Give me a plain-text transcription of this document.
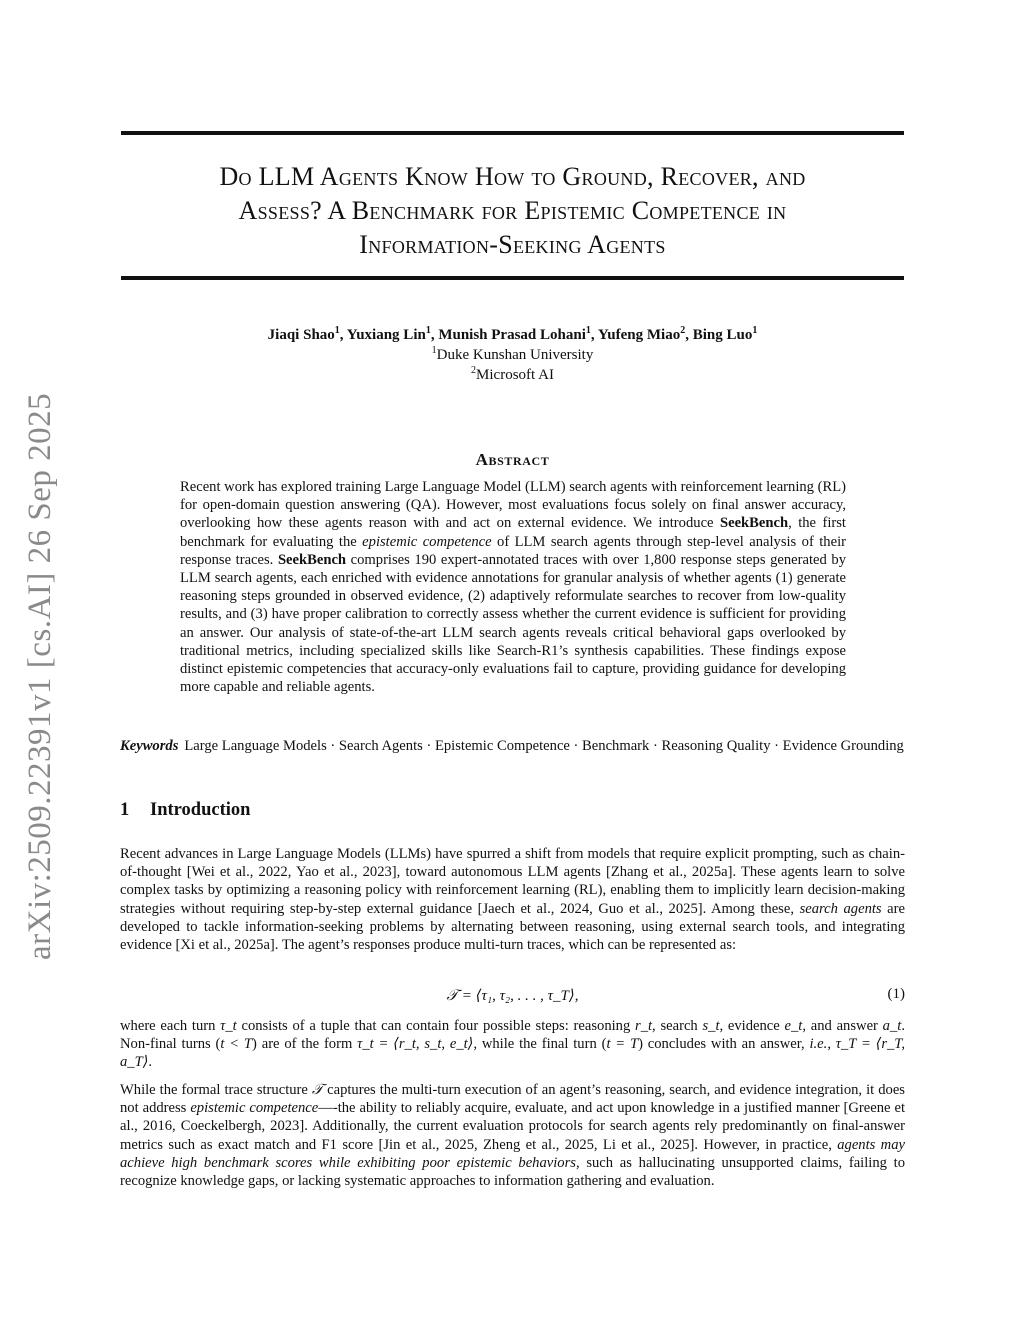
arXiv:2509.22391v1 [cs.AI] 26 Sep 2025
Do LLM Agents Know How to Ground, Recover, and
Assess? A Benchmark for Epistemic Competence in
Information-Seeking Agents
Jiaqi Shao$^1$, Yuxiang Lin$^1$, Munish Prasad Lohani$^1$, Yufeng Miao$^2$, Bing Luo$^1$
$^1$Duke Kunshan University
$^2$Microsoft AI
Abstract
Recent work has explored training Large Language Model (LLM) search agents with reinforcement learning (RL) for open-domain question answering (QA). However, most evaluations focus solely on final answer accuracy, overlooking how these agents reason with and act on external evidence. We introduce SeekBench, the first benchmark for evaluating the epistemic competence of LLM search agents through step-level analysis of their response traces. SeekBench comprises 190 expert-annotated traces with over 1,800 response steps generated by LLM search agents, each enriched with evidence annotations for granular analysis of whether agents (1) generate reasoning steps grounded in observed evidence, (2) adaptively reformulate searches to recover from low-quality results, and (3) have proper calibration to correctly assess whether the current evidence is sufficient for providing an answer. Our analysis of state-of-the-art LLM search agents reveals critical behavioral gaps overlooked by traditional metrics, including specialized skills like Search-R1’s synthesis capabilities. These findings expose distinct epistemic competencies that accuracy-only evaluations fail to capture, providing guidance for developing more capable and reliable agents.
Keywords Large Language Models · Search Agents · Epistemic Competence · Benchmark · Reasoning Quality · Evidence Grounding
1 Introduction
Recent advances in Large Language Models (LLMs) have spurred a shift from models that require explicit prompting, such as chain-of-thought [Wei et al., 2022, Yao et al., 2023], toward autonomous LLM agents [Zhang et al., 2025a]. These agents learn to solve complex tasks by optimizing a reasoning policy with reinforcement learning (RL), enabling them to implicitly learn decision-making strategies without requiring step-by-step external guidance [Jaech et al., 2024, Guo et al., 2025]. Among these, search agents are developed to tackle information-seeking problems by alternating between reasoning, using external search tools, and integrating evidence [Xi et al., 2025a]. The agent’s responses produce multi-turn traces, which can be represented as:
𝒯 = ⟨τ₁, τ₂, . . . , τ_T⟩,	(1)
where each turn τ_t consists of a tuple that can contain four possible steps: reasoning r_t, search s_t, evidence e_t, and answer a_t. Non-final turns (t < T) are of the form τ_t = ⟨r_t, s_t, e_t⟩, while the final turn (t = T) concludes with an answer, i.e., τ_T = ⟨r_T, a_T⟩.
While the formal trace structure 𝒯 captures the multi-turn execution of an agent’s reasoning, search, and evidence integration, it does not address epistemic competence—-the ability to reliably acquire, evaluate, and act upon knowledge in a justified manner [Greene et al., 2016, Coeckelbergh, 2023]. Additionally, the current evaluation protocols for search agents rely predominantly on final-answer metrics such as exact match and F1 score [Jin et al., 2025, Zheng et al., 2025, Li et al., 2025]. However, in practice, agents may achieve high benchmark scores while exhibiting poor epistemic behaviors, such as hallucinating unsupported claims, failing to recognize knowledge gaps, or lacking systematic approaches to information gathering and evaluation.
